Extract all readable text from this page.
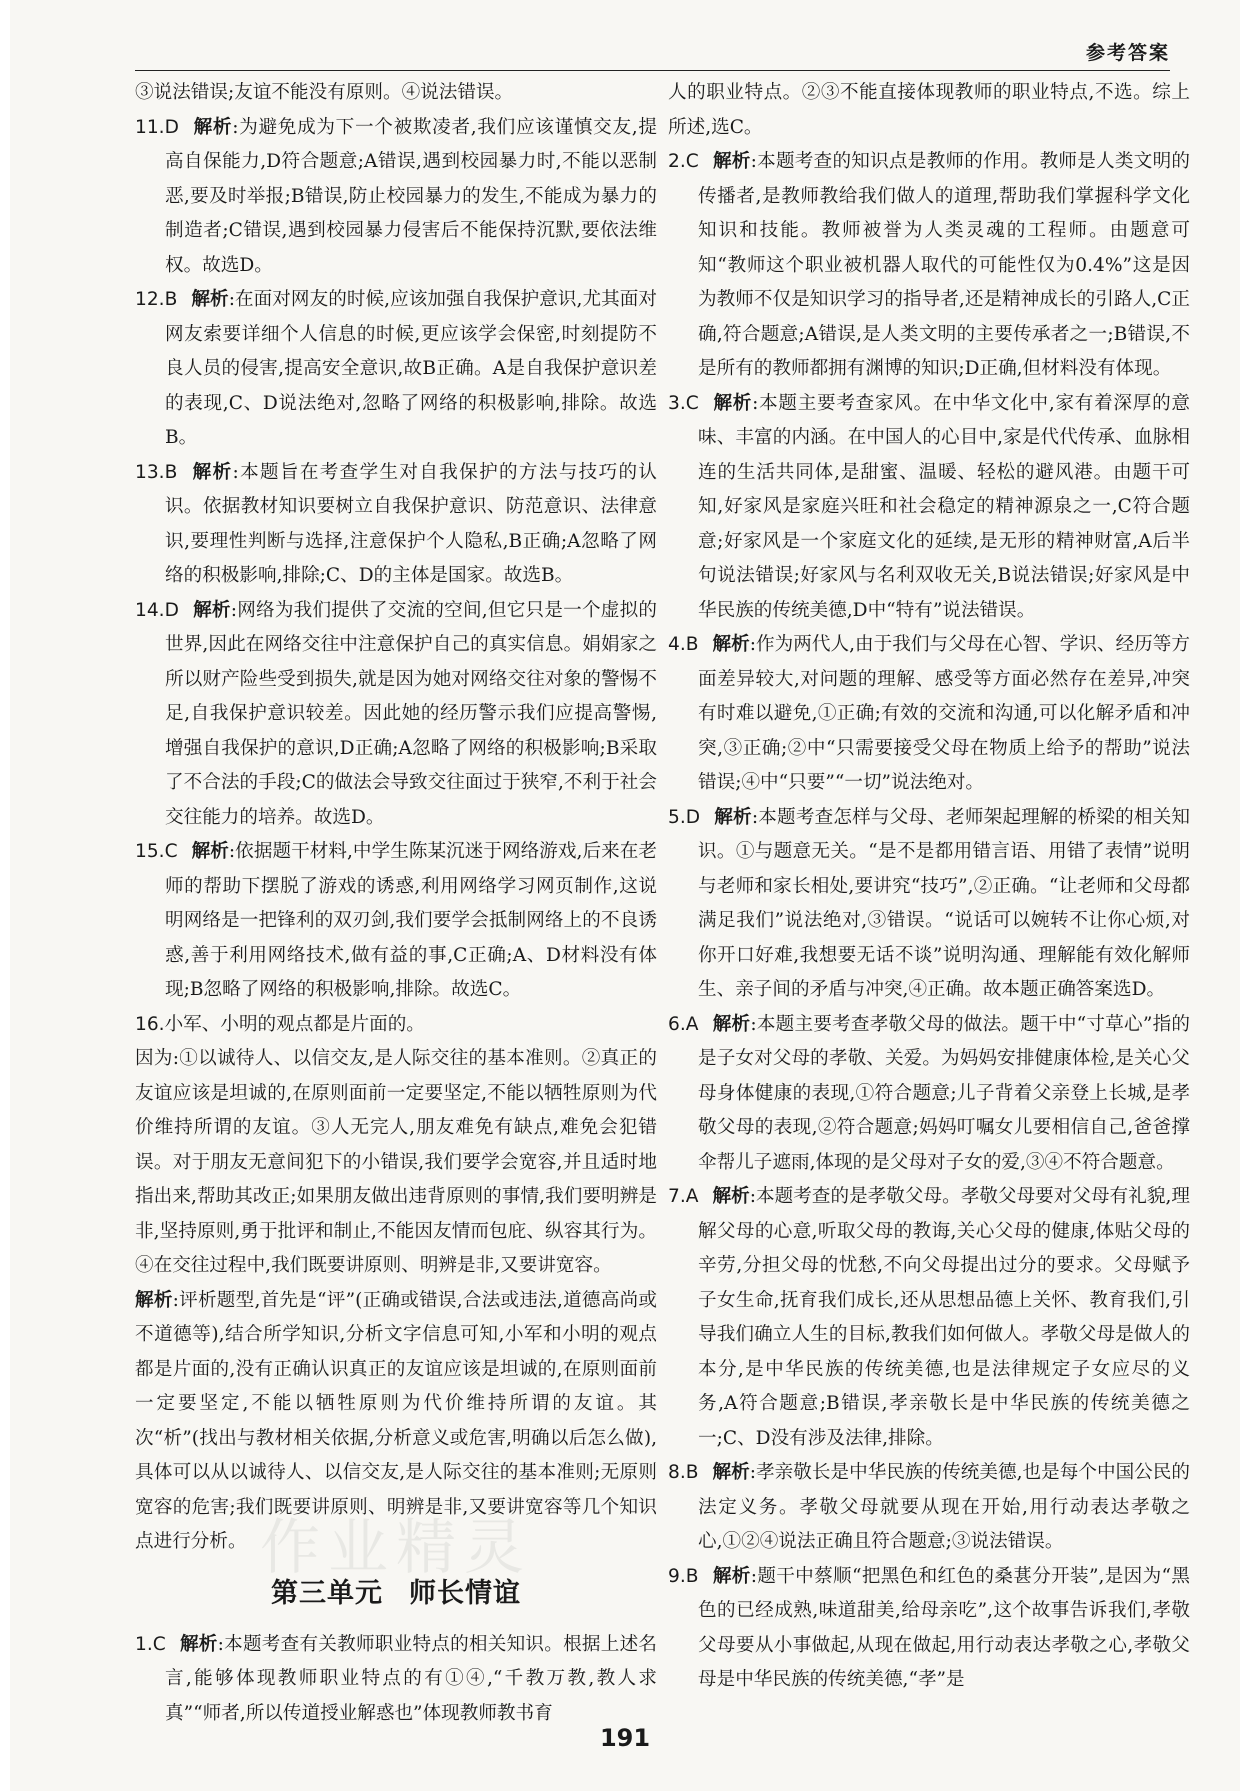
参考答案

③说法错误;友谊不能没有原则。④说法错误。

11.D 解析:为避免成为下一个被欺凌者,我们应该谨慎交友,提高自保能力,D符合题意;A错误,遇到校园暴力时,不能以恶制恶,要及时举报;B错误,防止校园暴力的发生,不能成为暴力的制造者;C错误,遇到校园暴力侵害后不能保持沉默,要依法维权。故选D。

12.B 解析:在面对网友的时候,应该加强自我保护意识,尤其面对网友索要详细个人信息的时候,更应该学会保密,时刻提防不良人员的侵害,提高安全意识,故B正确。A是自我保护意识差的表现,C、D说法绝对,忽略了网络的积极影响,排除。故选B。

13.B 解析:本题旨在考查学生对自我保护的方法与技巧的认识。依据教材知识要树立自我保护意识、防范意识、法律意识,要理性判断与选择,注意保护个人隐私,B正确;A忽略了网络的积极影响,排除;C、D的主体是国家。故选B。

14.D 解析:网络为我们提供了交流的空间,但它只是一个虚拟的世界,因此在网络交往中注意保护自己的真实信息。娟娟家之所以财产险些受到损失,就是因为她对网络交往对象的警惕不足,自我保护意识较差。因此她的经历警示我们应提高警惕,增强自我保护的意识,D正确;A忽略了网络的积极影响;B采取了不合法的手段;C的做法会导致交往面过于狭窄,不利于社会交往能力的培养。故选D。

15.C 解析:依据题干材料,中学生陈某沉迷于网络游戏,后来在老师的帮助下摆脱了游戏的诱惑,利用网络学习网页制作,这说明网络是一把锋利的双刃剑,我们要学会抵制网络上的不良诱惑,善于利用网络技术,做有益的事,C正确;A、D材料没有体现;B忽略了网络的积极影响,排除。故选C。

16.小军、小明的观点都是片面的。

因为:①以诚待人、以信交友,是人际交往的基本准则。②真正的友谊应该是坦诚的,在原则面前一定要坚定,不能以牺牲原则为代价维持所谓的友谊。③人无完人,朋友难免有缺点,难免会犯错误。对于朋友无意间犯下的小错误,我们要学会宽容,并且适时地指出来,帮助其改正;如果朋友做出违背原则的事情,我们要明辨是非,坚持原则,勇于批评和制止,不能因友情而包庇、纵容其行为。④在交往过程中,我们既要讲原则、明辨是非,又要讲宽容。

解析:评析题型,首先是“评”(正确或错误,合法或违法,道德高尚或不道德等),结合所学知识,分析文字信息可知,小军和小明的观点都是片面的,没有正确认识真正的友谊应该是坦诚的,在原则面前一定要坚定,不能以牺牲原则为代价维持所谓的友谊。其次“析”(找出与教材相关依据,分析意义或危害,明确以后怎么做),具体可以从以诚待人、以信交友,是人际交往的基本准则;无原则宽容的危害;我们既要讲原则、明辨是非,又要讲宽容等几个知识点进行分析。

第三单元 师长情谊

1.C 解析:本题考查有关教师职业特点的相关知识。根据上述名言,能够体现教师职业特点的有①④,“千教万教,教人求真”“师者,所以传道授业解惑也”体现教师教书育

人的职业特点。②③不能直接体现教师的职业特点,不选。综上所述,选C。

2.C 解析:本题考查的知识点是教师的作用。教师是人类文明的传播者,是教师教给我们做人的道理,帮助我们掌握科学文化知识和技能。教师被誉为人类灵魂的工程师。由题意可知“教师这个职业被机器人取代的可能性仅为0.4%”这是因为教师不仅是知识学习的指导者,还是精神成长的引路人,C正确,符合题意;A错误,是人类文明的主要传承者之一;B错误,不是所有的教师都拥有渊博的知识;D正确,但材料没有体现。

3.C 解析:本题主要考查家风。在中华文化中,家有着深厚的意味、丰富的内涵。在中国人的心目中,家是代代传承、血脉相连的生活共同体,是甜蜜、温暖、轻松的避风港。由题干可知,好家风是家庭兴旺和社会稳定的精神源泉之一,C符合题意;好家风是一个家庭文化的延续,是无形的精神财富,A后半句说法错误;好家风与名利双收无关,B说法错误;好家风是中华民族的传统美德,D中“特有”说法错误。

4.B 解析:作为两代人,由于我们与父母在心智、学识、经历等方面差异较大,对问题的理解、感受等方面必然存在差异,冲突有时难以避免,①正确;有效的交流和沟通,可以化解矛盾和冲突,③正确;②中“只需要接受父母在物质上给予的帮助”说法错误;④中“只要”“一切”说法绝对。

5.D 解析:本题考查怎样与父母、老师架起理解的桥梁的相关知识。①与题意无关。“是不是都用错言语、用错了表情”说明与老师和家长相处,要讲究“技巧”,②正确。“让老师和父母都满足我们”说法绝对,③错误。“说话可以婉转不让你心烦,对你开口好难,我想要无话不谈”说明沟通、理解能有效化解师生、亲子间的矛盾与冲突,④正确。故本题正确答案选D。

6.A 解析:本题主要考查孝敬父母的做法。题干中“寸草心”指的是子女对父母的孝敬、关爱。为妈妈安排健康体检,是关心父母身体健康的表现,①符合题意;儿子背着父亲登上长城,是孝敬父母的表现,②符合题意;妈妈叮嘱女儿要相信自己,爸爸撑伞帮儿子遮雨,体现的是父母对子女的爱,③④不符合题意。

7.A 解析:本题考查的是孝敬父母。孝敬父母要对父母有礼貌,理解父母的心意,听取父母的教诲,关心父母的健康,体贴父母的辛劳,分担父母的忧愁,不向父母提出过分的要求。父母赋予子女生命,抚育我们成长,还从思想品德上关怀、教育我们,引导我们确立人生的目标,教我们如何做人。孝敬父母是做人的本分,是中华民族的传统美德,也是法律规定子女应尽的义务,A符合题意;B错误,孝亲敬长是中华民族的传统美德之一;C、D没有涉及法律,排除。

8.B 解析:孝亲敬长是中华民族的传统美德,也是每个中国公民的法定义务。孝敬父母就要从现在开始,用行动表达孝敬之心,①②④说法正确且符合题意;③说法错误。

9.B 解析:题干中蔡顺“把黑色和红色的桑葚分开装”,是因为“黑色的已经成熟,味道甜美,给母亲吃”,这个故事告诉我们,孝敬父母要从小事做起,从现在做起,用行动表达孝敬之心,孝敬父母是中华民族的传统美德,“孝”是

作业精灵
191
